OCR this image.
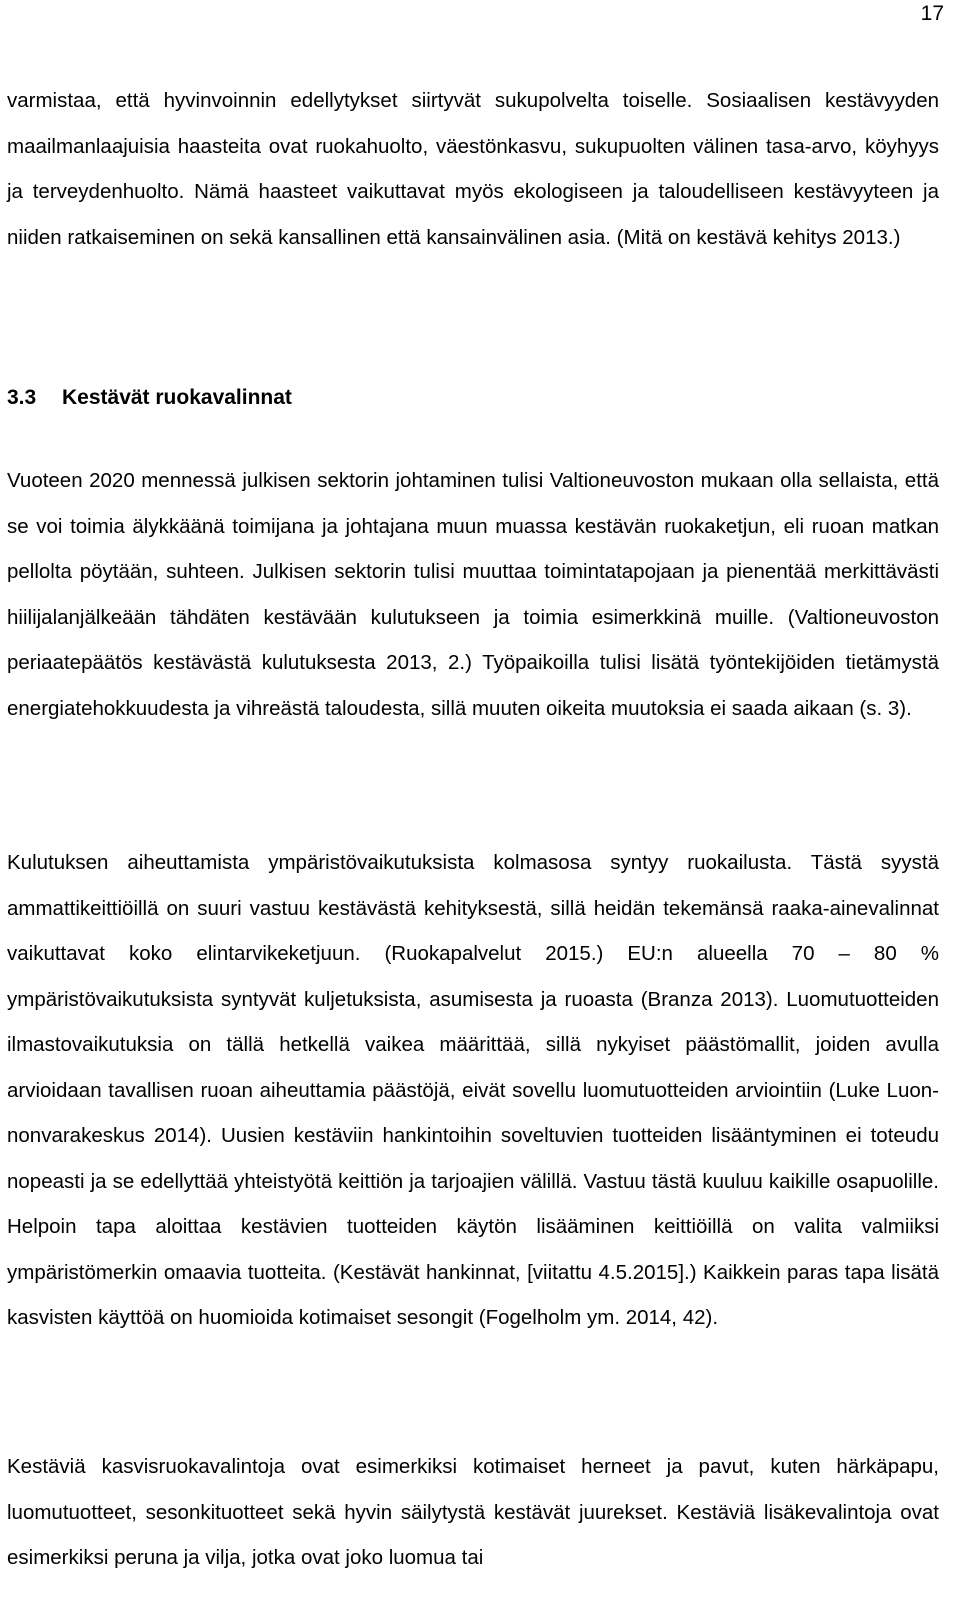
17

varmistaa, että hyvinvoinnin edellytykset siirtyvät sukupolvelta toiselle. Sosiaalisen kestävyyden maailmanlaajuisia haasteita ovat ruokahuolto, väestönkasvu, sukupuolten välinen tasa-arvo, köyhyys ja terveydenhuolto. Nämä haasteet vaikuttavat myös ekologiseen ja taloudelliseen kestävyyteen ja niiden ratkaiseminen on sekä kansallinen että kansainvälinen asia. (Mitä on kestävä kehitys 2013.)

3.3 Kestävät ruokavalinnat

Vuoteen 2020 mennessä julkisen sektorin johtaminen tulisi Valtioneuvoston mukaan olla sellaista, että se voi toimia älykkäänä toimijana ja johtajana muun muassa kestävän ruokaketjun, eli ruoan matkan pellolta pöytään, suhteen. Julkisen sektorin tulisi muuttaa toimintatapojaan ja pienentää merkittävästi hiilijalanjälkeään tähdäten kestävään kulutukseen ja toimia esimerkkinä muille. (Valtioneuvoston periaatepäätös kestävästä kulutuksesta 2013, 2.) Työpaikoilla tulisi lisätä työntekijöiden tietämystä energiatehokkuudesta ja vihreästä taloudesta, sillä muuten oikeita muutoksia ei saada aikaan (s. 3).

Kulutuksen aiheuttamista ympäristövaikutuksista kolmasosa syntyy ruokailusta. Tästä syystä ammattikeittiöillä on suuri vastuu kestävästä kehityksestä, sillä heidän tekemänsä raaka-ainevalinnat vaikuttavat koko elintarvikeketjuun. (Ruokapalvelut 2015.) EU:n alueella 70 – 80 % ympäristövaikutuksista syntyvät kuljetuksista, asumisesta ja ruoasta (Branza 2013). Luomutuotteiden ilmastovaikutuksia on tällä hetkellä vaikea määrittää, sillä nykyiset päästömallit, joiden avulla arvioidaan tavallisen ruoan aiheuttamia päästöjä, eivät sovellu luomutuotteiden arviointiin (Luke Luonnonvarakeskus 2014). Uusien kestäviin hankintoihin soveltuvien tuotteiden lisääntyminen ei toteudu nopeasti ja se edellyttää yhteistyötä keittiön ja tarjoajien välillä. Vastuu tästä kuuluu kaikille osapuolille. Helpoin tapa aloittaa kestävien tuotteiden käytön lisääminen keittiöillä on valita valmiiksi ympäristömerkin omaavia tuotteita. (Kestävät hankinnat, [viitattu 4.5.2015].) Kaikkein paras tapa lisätä kasvisten käyttöä on huomioida kotimaiset sesongit (Fogelholm ym. 2014, 42).

Kestäviä kasvisruokavalintoja ovat esimerkiksi kotimaiset herneet ja pavut, kuten härkäpapu, luomutuotteet, sesonkituotteet sekä hyvin säilytystä kestävät juurekset. Kestäviä lisäkevalintoja ovat esimerkiksi peruna ja vilja, jotka ovat joko luomua tai
